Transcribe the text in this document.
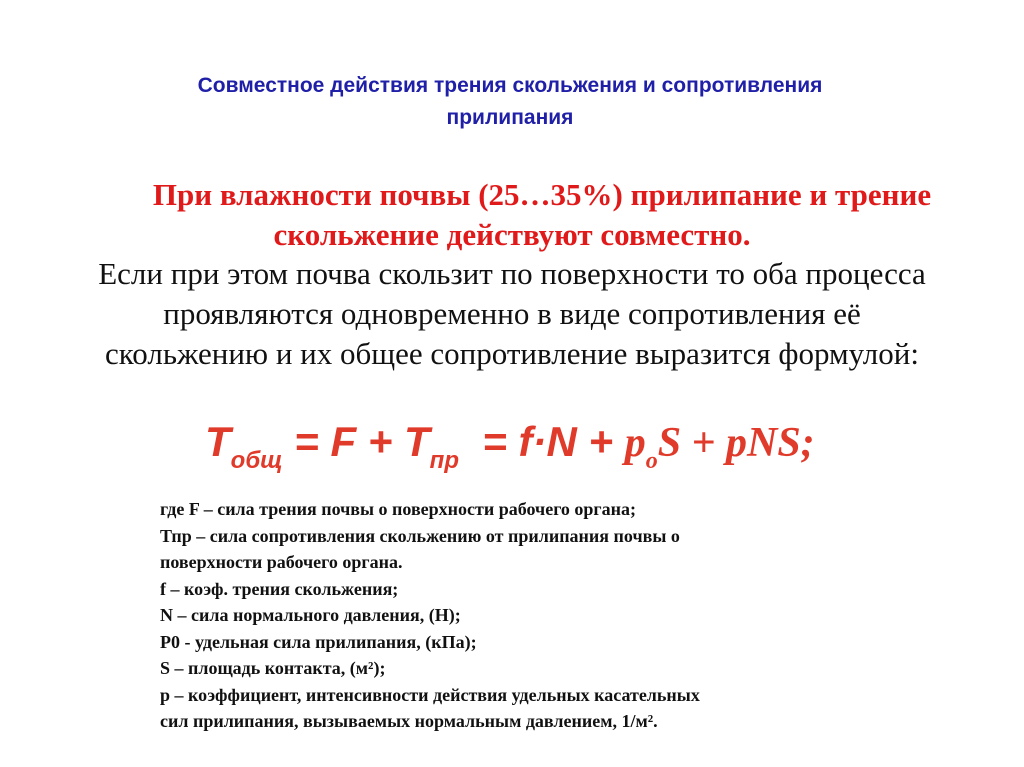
Совместное действия трения скольжения и сопротивления
прилипания
При влажности почвы (25…35%) прилипание и трение
скольжение действуют совместно.
Если при этом почва скользит по поверхности то оба процесса
проявляются одновременно в виде сопротивления её
скольжению и их общее сопротивление выразится формулой:
$T_{общ} = F + T_{пр} = f\cdot N + p_oS$ + pNS;
где F – сила трения почвы о поверхности рабочего органа;
Тпр – сила сопротивления скольжению от прилипания почвы о
поверхности рабочего органа.
f – коэф. трения скольжения;
N – сила нормального давления, (Н);
P0 - удельная сила прилипания, (кПа);
S – площадь контакта, (м²);
p – коэффициент, интенсивности действия удельных касательных
сил прилипания, вызываемых нормальным давлением, 1/м².
